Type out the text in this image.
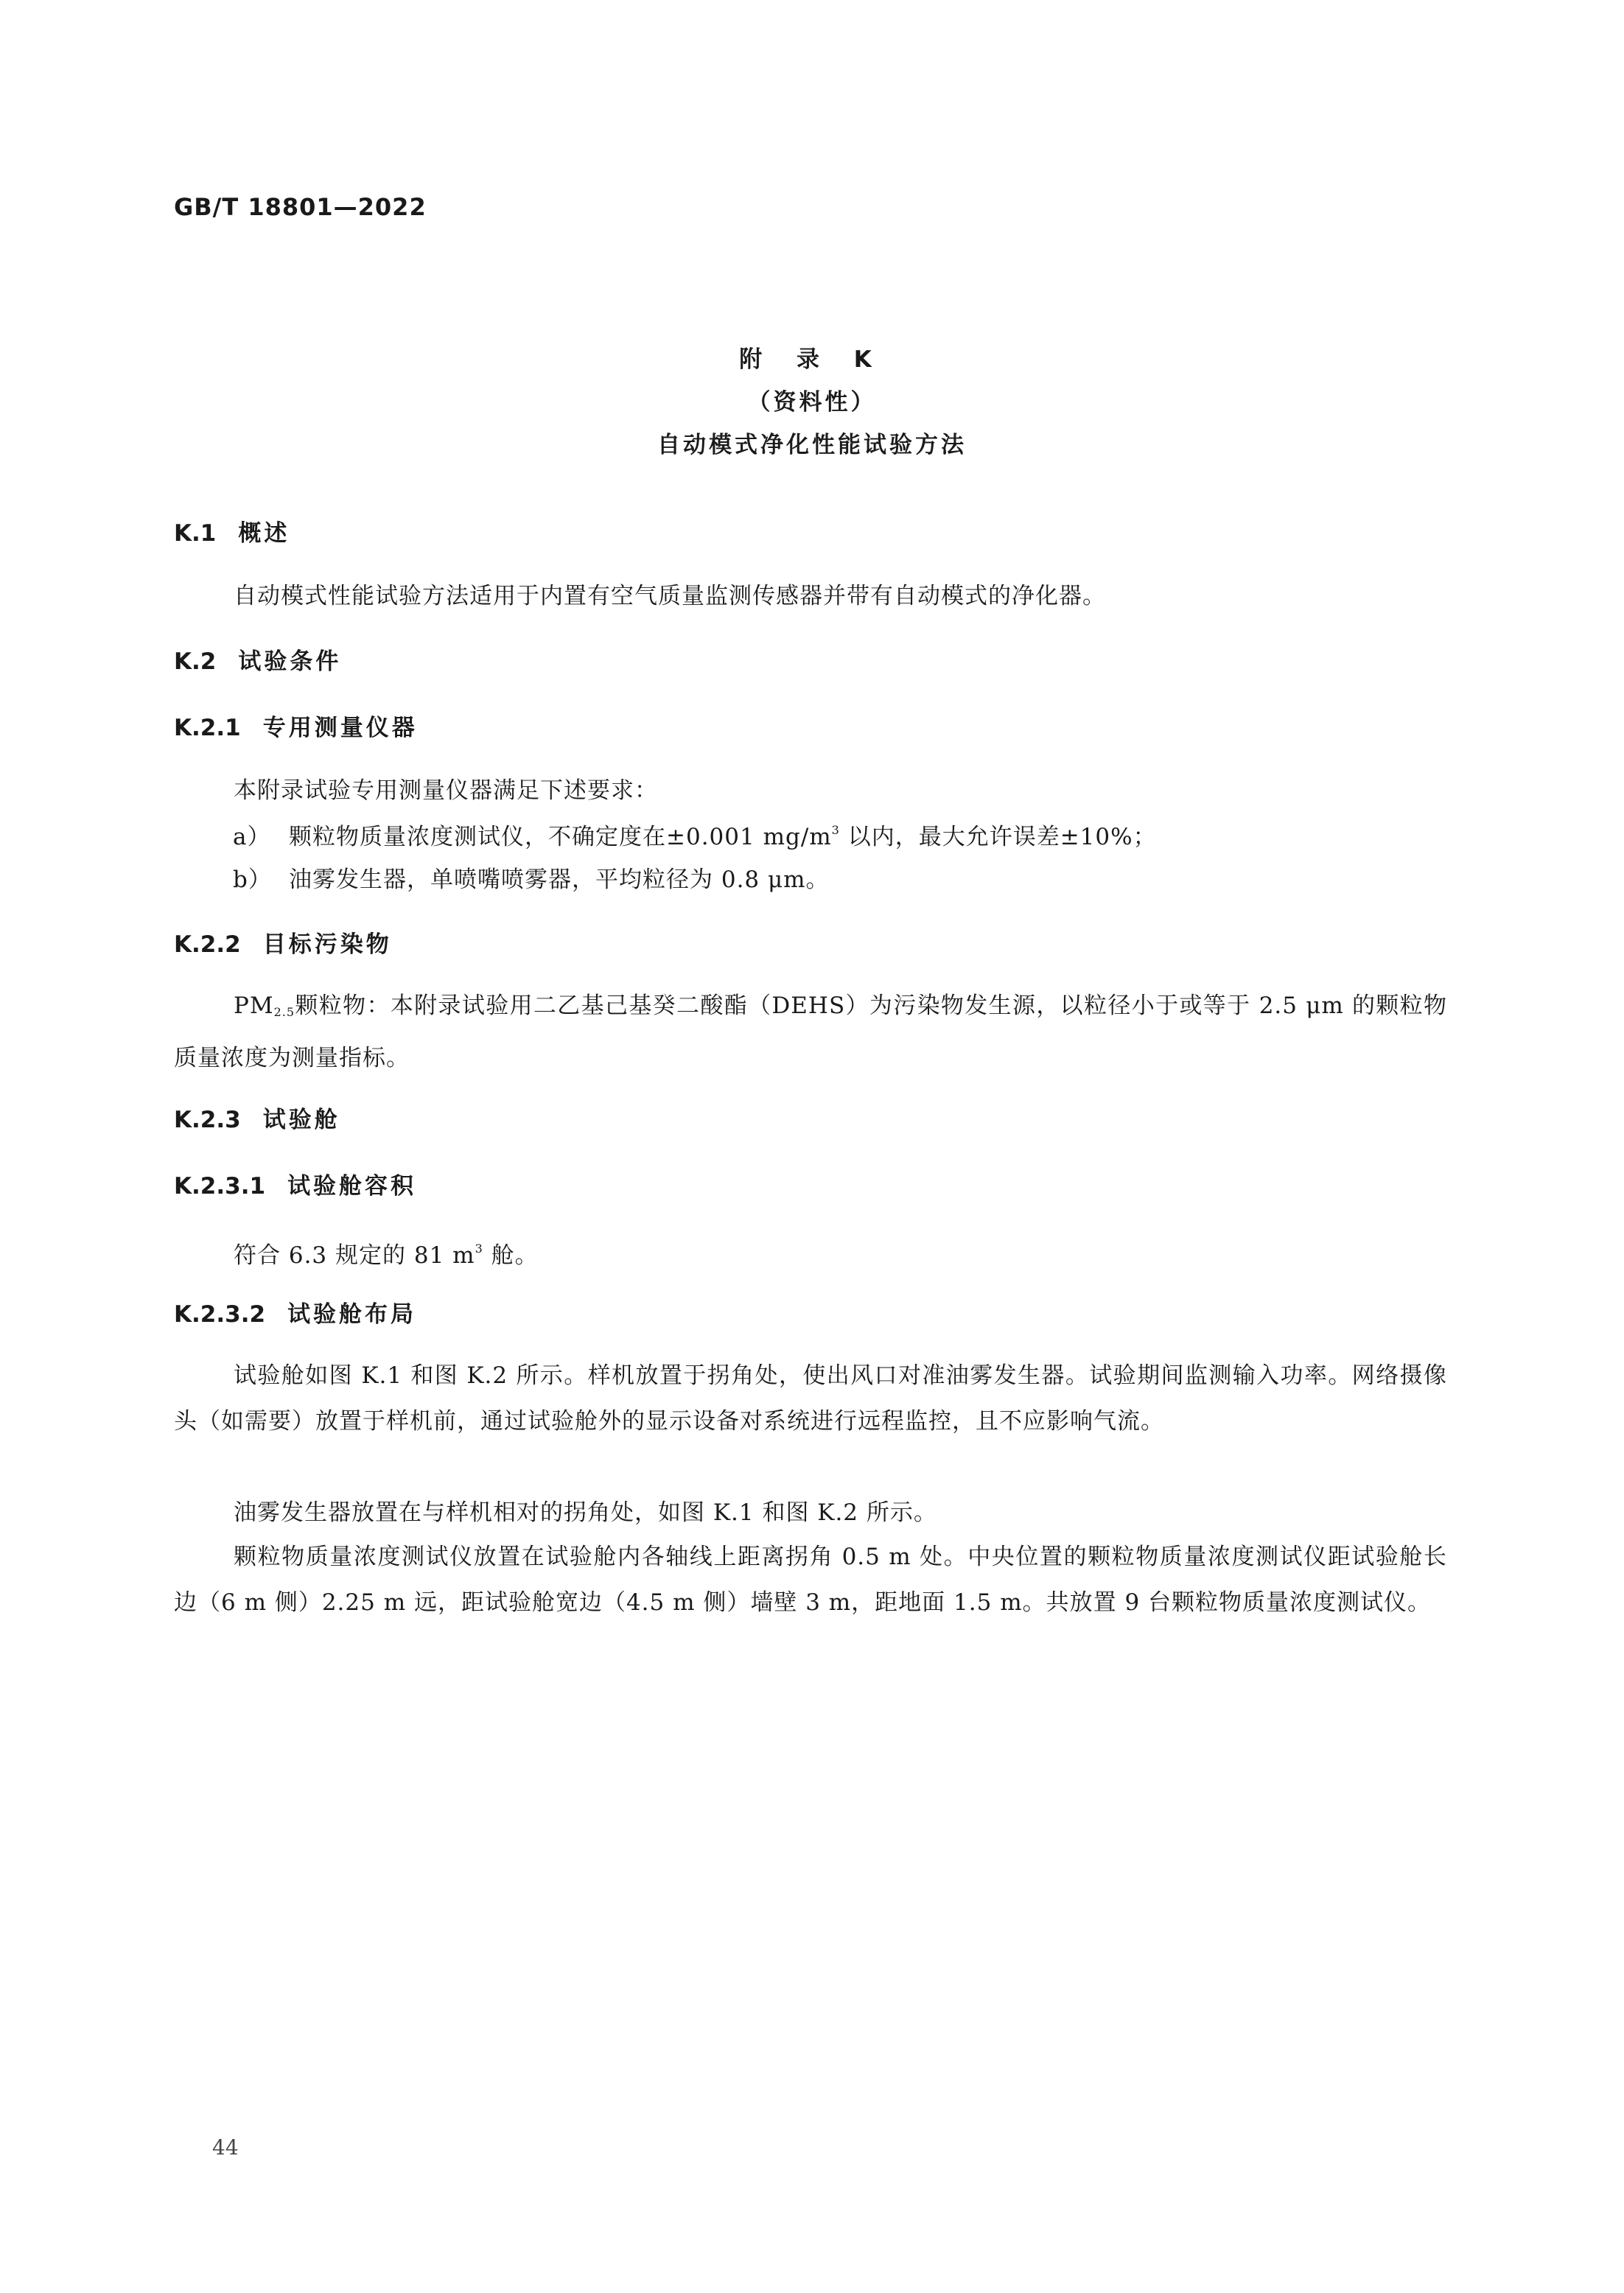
GB/T 18801—2022
附 录 K
（资料性）
自动模式净化性能试验方法
K.1 概述
自动模式性能试验方法适用于内置有空气质量监测传感器并带有自动模式的净化器。
K.2 试验条件
K.2.1 专用测量仪器
本附录试验专用测量仪器满足下述要求：
a） 颗粒物质量浓度测试仪，不确定度在±0.001 $mg/m^3$ 以内，最大允许误差±10%；
b） 油雾发生器，单喷嘴喷雾器，平均粒径为 0.8 μm。
K.2.2 目标污染物
$PM_{2.5}$颗粒物：本附录试验用二乙基己基癸二酸酯（DEHS）为污染物发生源，以粒径小于或等于 2.5 μm 的颗粒物质量浓度为测量指标。
K.2.3 试验舱
K.2.3.1 试验舱容积
符合 6.3 规定的 81 $m^3$ 舱。
K.2.3.2 试验舱布局
试验舱如图 K.1 和图 K.2 所示。样机放置于拐角处，使出风口对准油雾发生器。试验期间监测输入功率。网络摄像头（如需要）放置于样机前，通过试验舱外的显示设备对系统进行远程监控，且不应影响气流。
油雾发生器放置在与样机相对的拐角处，如图 K.1 和图 K.2 所示。
颗粒物质量浓度测试仪放置在试验舱内各轴线上距离拐角 0.5 m 处。中央位置的颗粒物质量浓度测试仪距试验舱长边（6 m 侧）2.25 m 远，距试验舱宽边（4.5 m 侧）墙壁 3 m，距地面 1.5 m。共放置 9 台颗粒物质量浓度测试仪。
44
